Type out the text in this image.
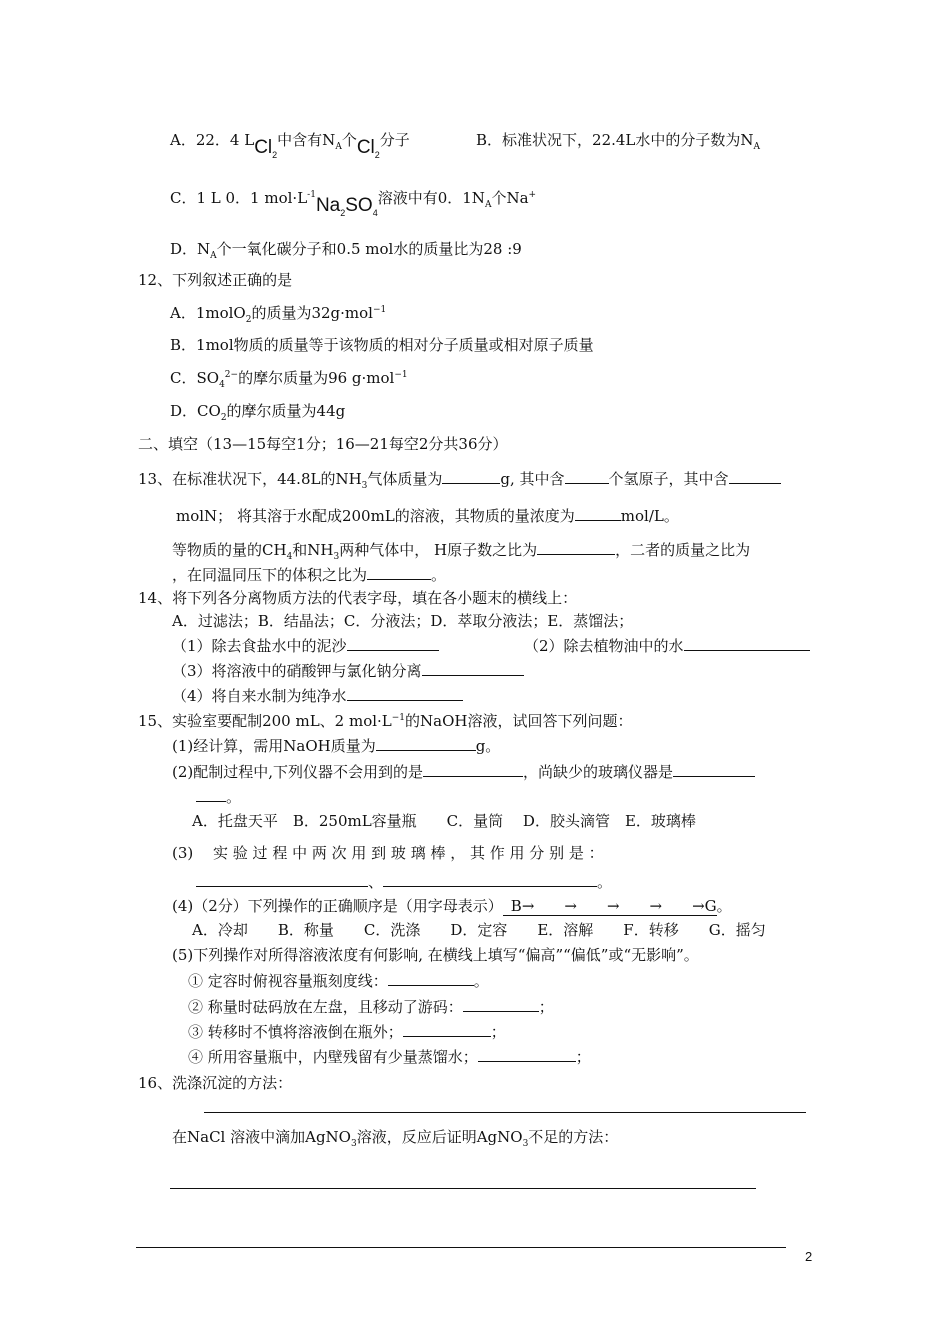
A．22．4 LCl$_2$中含有$N_A$个$Cl_2$分子	B．标准状况下，22.4L水中的分子数为$N_A$
C．1 L 0．1 $mol\cdot L^{-1}Na_2SO_4$溶液中有0．$1N_A$个Na+
D．$N_A$个一氧化碳分子和0.5 mol水的质量比为28 :9
12、下列叙述正确的是
A．1molO$_2$的质量为32g·mol$^{-1}$
B．1mol物质的质量等于该物质的相对分子质量或相对原子质量
C．$SO_4^{2-}$的摩尔质量为96 g·mol$^{-1}$
D．$CO_2$的摩尔质量为44g
二、填空（13—15每空1分；16—21每空2分共36分）
13、在标准状况下，44.8L的$NH_3$气体质量为	g, 其中含	个氢原子，其中含
molN； 将其溶于水配成200mL的溶液，其物质的量浓度为	mol/L。
等物质的量的$CH_4$和$NH_3$两种气体中， H原子数之比为	，二者的质量之比为
，在同温同压下的体积之比为	。
14、将下列各分离物质方法的代表字母，填在各小题末的横线上：
A．过滤法；B．结晶法；C．分液法；D．萃取分液法；E．蒸馏法；
（1）除去食盐水中的泥沙	（2）除去植物油中的水
（3）将溶液中的硝酸钾与氯化钠分离
（4）将自来水制为纯净水
15、实验室要配制200 mL、2 $mol\cdot L^{-1}$的NaOH溶液，试回答下列问题：
(1)经计算，需用NaOH质量为	g。
(2)配制过程中,下列仪器不会用到的是	，尚缺少的玻璃仪器是
。
A．托盘天平　B．250mL容量瓶　　C．量筒　 D．胶头滴管　E．玻璃棒
(3)　 实 验 过 程 中 两 次 用 到 玻 璃 棒 ， 其 作 用 分 别 是 ：
、	。
(4)（2分）下列操作的正确顺序是（用字母表示） B→　　→　　→　　→　　→G。
A．冷却　　B．称量　　C．洗涤　　D．定容　　E．溶解　　F．转移　　G．摇匀
(5)下列操作对所得溶液浓度有何影响, 在横线上填写“偏高”“偏低”或“无影响”。
① 定容时俯视容量瓶刻度线：	。
② 称量时砝码放在左盘，且移动了游码：	；
③ 转移时不慎将溶液倒在瓶外；	；
④ 所用容量瓶中，内壁残留有少量蒸馏水；	；
16、洗涤沉淀的方法：
在NaCl 溶液中滴加AgNO$_3$溶液，反应后证明AgNO$_3$不足的方法：
2
